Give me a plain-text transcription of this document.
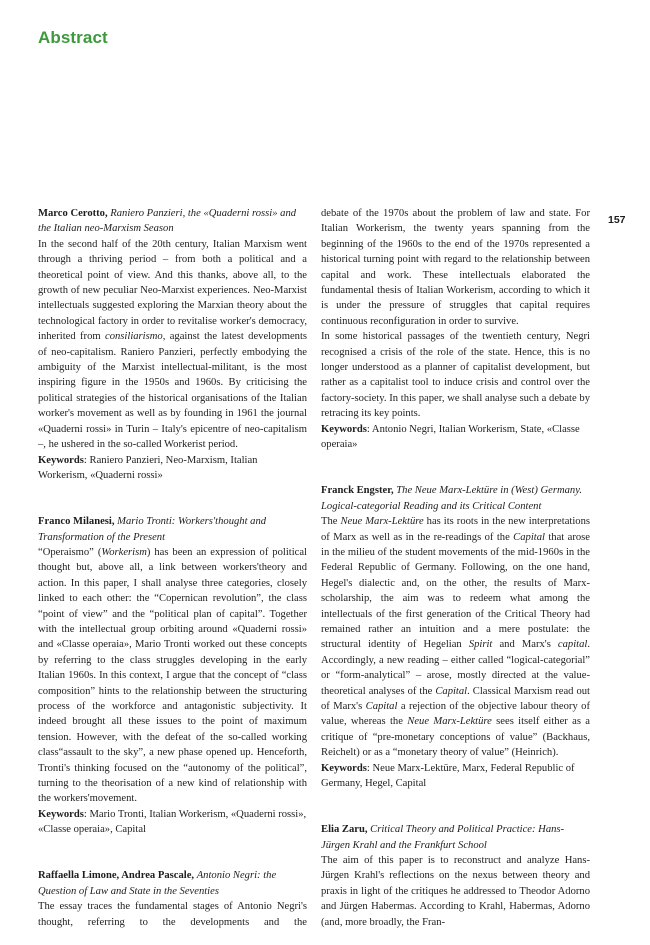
Abstract
157

Marco Cerotto, Raniero Panzieri, the «Quaderni rossi» and the Italian neo-Marxism Season

In the second half of the 20th century, Italian Marxism went through a thriving period – from both a political and a theoretical point of view. And this thanks, above all, to the growth of new peculiar Neo-Marxist experiences. Neo-Marxist intellectuals suggested exploring the Marxian theory about the technological factory in order to revitalise worker's democracy, inherited from consiliarismo, against the latest developments of neo-capitalism. Raniero Panzieri, perfectly embodying the ambiguity of the Marxist intellectual-militant, is the most inspiring figure in the 1950s and 1960s. By criticising the political strategies of the historical organisations of the Italian worker's movement as well as by founding in 1961 the journal «Quaderni rossi» in Turin – Italy's epicentre of neo-capitalism –, he ushered in the so-called Workerist period.

Keywords: Raniero Panzieri, Neo-Marxism, Italian Workerism, «Quaderni rossi»

Franco Milanesi, Mario Tronti: Workers'thought and Transformation of the Present

“Operaismo” (Workerism) has been an expression of political thought but, above all, a link between workers'theory and action. In this paper, I shall analyse three categories, closely linked to each other: the “Copernican revolution”, the class “point of view” and the “political plan of capital”. Together with the intellectual group orbiting around «Quaderni rossi» and «Classe operaia», Mario Tronti worked out these concepts by referring to the class struggles developing in the early Italian 1960s. In this context, I argue that the concept of “class composition” hints to the relationship between the structuring process of the workforce and antagonistic subjectivity. It indeed brought all these issues to the point of maximum tension. However, with the defeat of the so-called working class“assault to the sky”, a new phase opened up. Henceforth, Tronti's thinking focused on the “autonomy of the political”, turning to the theorisation of a new kind of relationship with the workers'movement.

Keywords: Mario Tronti, Italian Workerism, «Quaderni rossi», «Classe operaia», Capital

Raffaella Limone, Andrea Pascale, Antonio Negri: the Question of Law and State in the Seventies

The essay traces the fundamental stages of Antonio Negri's thought, referring to the developments and the

debate of the 1970s about the problem of law and state. For Italian Workerism, the twenty years spanning from the beginning of the 1960s to the end of the 1970s represented a historical turning point with regard to the relationship between capital and work. These intellectuals elaborated the fundamental thesis of Italian Workerism, according to which it is under the pressure of struggles that capital requires continuous reconfiguration in order to survive.

In some historical passages of the twentieth century, Negri recognised a crisis of the role of the state. Hence, this is no longer understood as a planner of capitalist development, but rather as a capitalist tool to induce crisis and control over the factory-society. In this paper, we shall analyse such a debate by retracing its key points.

Keywords: Antonio Negri, Italian Workerism, State, «Classe operaia»

Franck Engster, The Neue Marx-Lektüre in (West) Germany. Logical-categorial Reading and its Critical Content

The Neue Marx-Lektüre has its roots in the new interpretations of Marx as well as in the re-readings of the Capital that arose in the milieu of the student movements of the mid-1960s in the Federal Republic of Germany. Following, on the one hand, Hegel's dialectic and, on the other, the results of Marx-scholarship, the aim was to redeem what among the intellectuals of the first generation of the Critical Theory had remained rather an intuition and a mere postulate: the structural identity of Hegelian Spirit and Marx's capital. Accordingly, a new reading – either called “logical-categorial” or “form-analytical” – arose, mostly directed at the value-theoretical analyses of the Capital. Classical Marxism read out of Marx's Capital a rejection of the objective labour theory of value, whereas the Neue Marx-Lektüre sees itself either as a critique of “pre-monetary conceptions of value” (Backhaus, Reichelt) or as a “monetary theory of value” (Heinrich).

Keywords: Neue Marx-Lektüre, Marx, Federal Republic of Germany, Hegel, Capital

Elia Zaru, Critical Theory and Political Practice: Hans-Jürgen Krahl and the Frankfurt School

The aim of this paper is to reconstruct and analyze Hans-Jürgen Krahl's reflections on the nexus between theory and praxis in light of the critiques he addressed to Theodor Adorno and Jürgen Habermas. According to Krahl, Habermas, Adorno (and, more broadly, the Fran-
